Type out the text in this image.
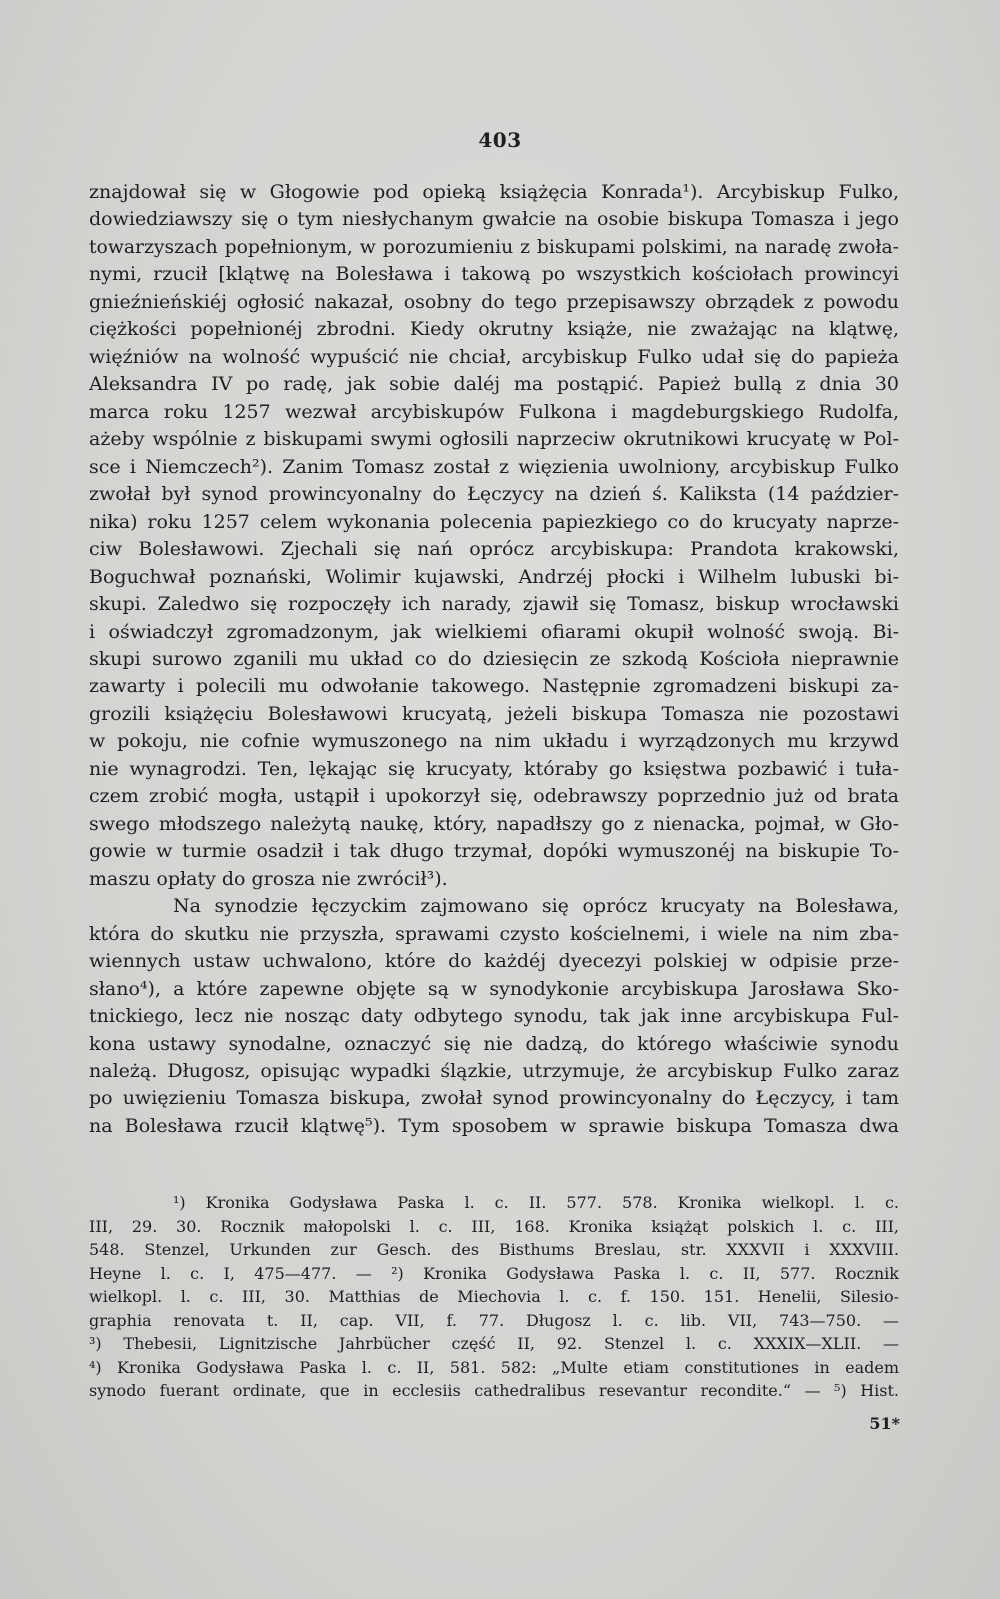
403
znajdował się w Głogowie pod opieką książęcia Konrada¹). Arcybiskup Fulko,
dowiedziawszy się o tym niesłychanym gwałcie na osobie biskupa Tomasza i jego
towarzyszach popełnionym, w porozumieniu z biskupami polskimi, na naradę zwoła-
nymi, rzucił [klątwę na Bolesława i takową po wszystkich kościołach prowincyi
gnieźnieńskiéj ogłosić nakazał, osobny do tego przepisawszy obrządek z powodu
ciężkości popełnionéj zbrodni. Kiedy okrutny książe, nie zważając na klątwę,
więźniów na wolność wypuścić nie chciał, arcybiskup Fulko udał się do papieża
Aleksandra IV po radę, jak sobie daléj ma postąpić. Papież bullą z dnia 30
marca roku 1257 wezwał arcybiskupów Fulkona i magdeburgskiego Rudolfa,
ażeby wspólnie z biskupami swymi ogłosili naprzeciw okrutnikowi krucyatę w Pol-
sce i Niemczech²). Zanim Tomasz został z więzienia uwolniony, arcybiskup Fulko
zwołał był synod prowincyonalny do Łęczycy na dzień ś. Kaliksta (14 paździer-
nika) roku 1257 celem wykonania polecenia papiezkiego co do krucyaty naprze-
ciw Bolesławowi. Zjechali się nań oprócz arcybiskupa: Prandota krakowski,
Boguchwał poznański, Wolimir kujawski, Andrzéj płocki i Wilhelm lubuski bi-
skupi. Zaledwo się rozpoczęły ich narady, zjawił się Tomasz, biskup wrocławski
i oświadczył zgromadzonym, jak wielkiemi ofiarami okupił wolność swoją. Bi-
skupi surowo zganili mu układ co do dziesięcin ze szkodą Kościoła nieprawnie
zawarty i polecili mu odwołanie takowego. Następnie zgromadzeni biskupi za-
grozili książęciu Bolesławowi krucyatą, jeżeli biskupa Tomasza nie pozostawi
w pokoju, nie cofnie wymuszonego na nim układu i wyrządzonych mu krzywd
nie wynagrodzi. Ten, lękając się krucyaty, któraby go księstwa pozbawić i tuła-
czem zrobić mogła, ustąpił i upokorzył się, odebrawszy poprzednio już od brata
swego młodszego należytą naukę, który, napadłszy go z nienacka, pojmał, w Gło-
gowie w turmie osadził i tak długo trzymał, dopóki wymuszonéj na biskupie To-
maszu opłaty do grosza nie zwrócił³).
Na synodzie łęczyckim zajmowano się oprócz krucyaty na Bolesława,
która do skutku nie przyszła, sprawami czysto kościelnemi, i wiele na nim zba-
wiennych ustaw uchwalono, które do każdéj dyecezyi polskiej w odpisie prze-
słano⁴), a które zapewne objęte są w synodykonie arcybiskupa Jarosława Sko-
tnickiego, lecz nie nosząc daty odbytego synodu, tak jak inne arcybiskupa Ful-
kona ustawy synodalne, oznaczyć się nie dadzą, do którego właściwie synodu
należą. Długosz, opisując wypadki ślązkie, utrzymuje, że arcybiskup Fulko zaraz
po uwięzieniu Tomasza biskupa, zwołał synod prowincyonalny do Łęczycy, i tam
na Bolesława rzucił klątwę⁵). Tym sposobem w sprawie biskupa Tomasza dwa
¹) Kronika Godysława Paska l. c. II. 577. 578. Kronika wielkopl. l. c.
III, 29. 30. Rocznik małopolski l. c. III, 168. Kronika książąt polskich l. c. III,
548. Stenzel, Urkunden zur Gesch. des Bisthums Breslau, str. XXXVII i XXXVIII.
Heyne l. c. I, 475—477. — ²) Kronika Godysława Paska l. c. II, 577. Rocznik
wielkopl. l. c. III, 30. Matthias de Miechovia l. c. f. 150. 151. Henelii, Silesio-
graphia renovata t. II, cap. VII, f. 77. Długosz l. c. lib. VII, 743—750. —
³) Thebesii, Lignitzische Jahrbücher część II, 92. Stenzel l. c. XXXIX—XLII. —
⁴) Kronika Godysława Paska l. c. II, 581. 582: „Multe etiam constitutiones in eadem
synodo fuerant ordinate, que in ecclesiis cathedralibus resevantur recondite.“ — ⁵) Hist.
51*
